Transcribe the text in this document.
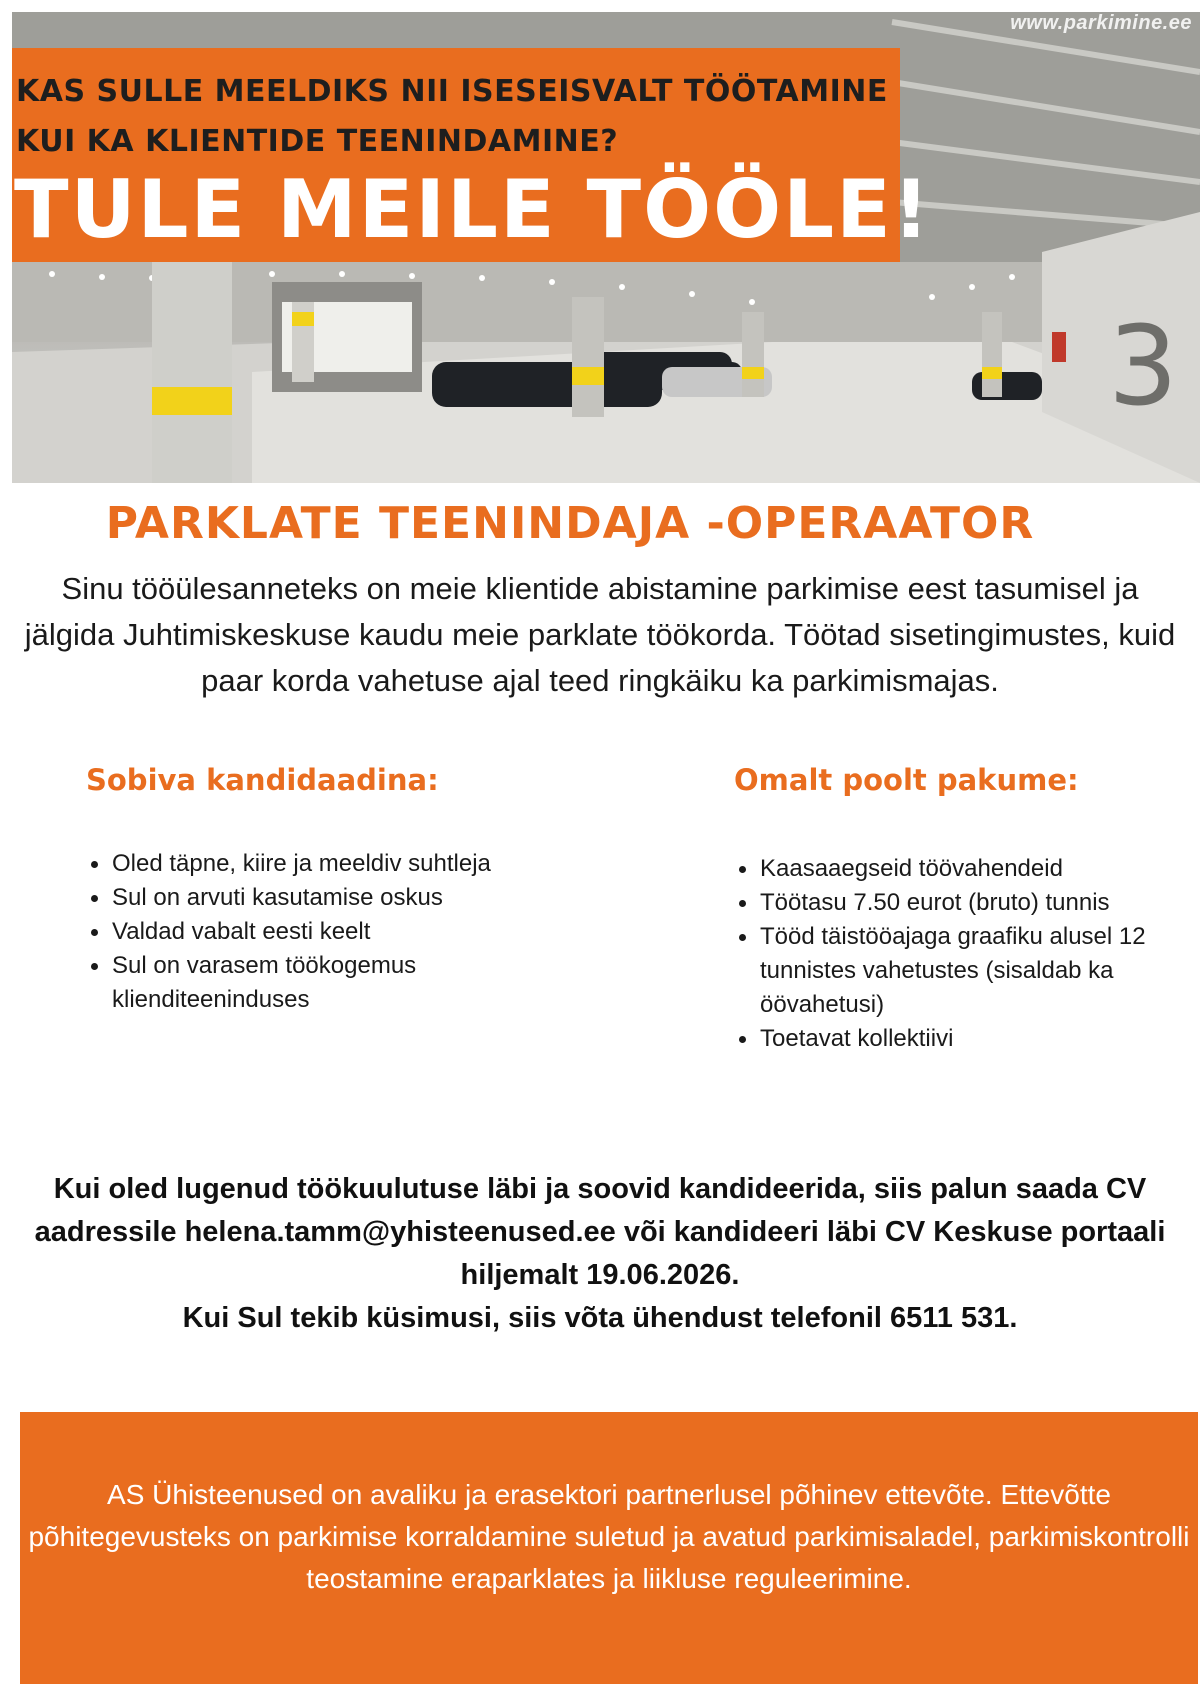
www.parkimine.ee
3
KAS SULLE MEELDIKS NII ISESEISVALT TÖÖTAMINE
KUI KA KLIENTIDE TEENINDAMINE?
TULE MEILE TÖÖLE!
PARKLATE TEENINDAJA -OPERAATOR
Sinu tööülesanneteks on meie klientide abistamine parkimise eest tasumisel ja jälgida Juhtimiskeskuse kaudu meie parklate töökorda. Töötad sisetingimustes, kuid paar korda vahetuse ajal teed ringkäiku ka parkimismajas.
Sobiva kandidaadina:
Oled täpne, kiire ja meeldiv suhtleja
Sul on arvuti kasutamise oskus
Valdad vabalt eesti keelt
Sul on varasem töökogemus klienditeeninduses
Omalt poolt pakume:
Kaasaaegseid töövahendeid
Töötasu 7.50 eurot (bruto) tunnis
Tööd täistööajaga graafiku alusel 12 tunnistes vahetustes (sisaldab ka öövahetusi)
Toetavat kollektiivi
Kui oled lugenud töökuulutuse läbi ja soovid kandideerida, siis palun saada CV aadressile helena.tamm@yhisteenused.ee või kandideeri läbi CV Keskuse portaali hiljemalt 19.06.2026.
Kui Sul tekib küsimusi, siis võta ühendust telefonil 6511 531.

AS Ühisteenused on avaliku ja erasektori partnerlusel põhinev ettevõte. Ettevõtte põhitegevusteks on parkimise korraldamine suletud ja avatud parkimisaladel, parkimiskontrolli teostamine eraparklates ja liikluse reguleerimine.
